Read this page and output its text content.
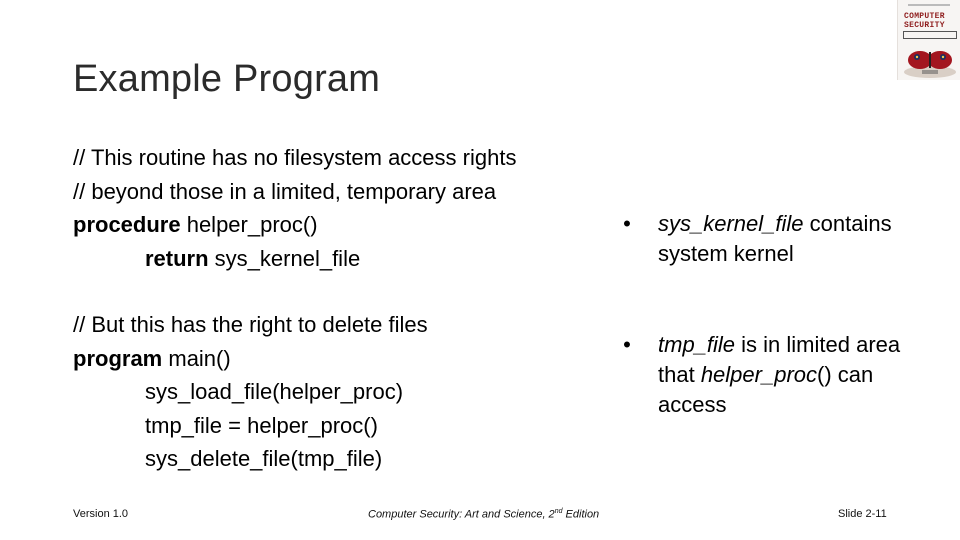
Example Program
COMPUTER
SECURITY
// This routine has no filesystem access rights
// beyond those in a limited, temporary area
procedure helper_proc()
return sys_kernel_file
// But this has the right to delete files
program main()
sys_load_file(helper_proc)
tmp_file = helper_proc()
sys_delete_file(tmp_file)

• sys_kernel_file contains system kernel

• tmp_file is in limited area that helper_proc() can access

Version 1.0	Computer Security: Art and Science, 2nd Edition	Slide 2-11
